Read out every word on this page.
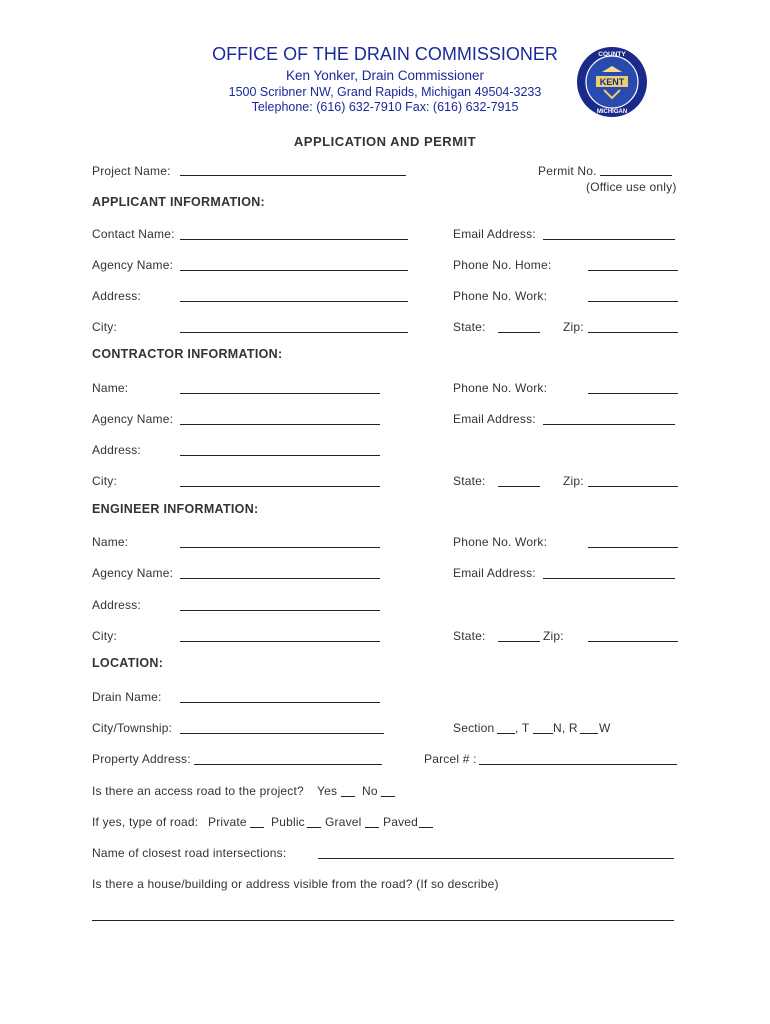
OFFICE OF THE DRAIN COMMISSIONER
Ken Yonker, Drain Commissioner
1500 Scribner NW, Grand Rapids, Michigan 49504-3233
Telephone: (616) 632-7910 Fax: (616) 632-7915
COUNTY
MICHIGAN
KENT
APPLICATION AND PERMIT
Project Name:	Permit No.
(Office use only)
APPLICANT INFORMATION:
Contact Name:	Email Address:
Agency Name:	Phone No. Home:
Address:	Phone No. Work:
City:	State:	Zip:
CONTRACTOR INFORMATION:
Name:	Phone No. Work:
Agency Name:	Email Address:
Address:
City:	State:	Zip:
ENGINEER INFORMATION:
Name:	Phone No. Work:
Agency Name:	Email Address:
Address:
City:	State:	Zip:
LOCATION:
Drain Name:
City/Township:	Section , T N, R W
Property Address:	Parcel # :
Is there an access road to the project? Yes No
If yes, type of road: Private Public Gravel Paved
Name of closest road intersections:
Is there a house/building or address visible from the road? (If so describe)
